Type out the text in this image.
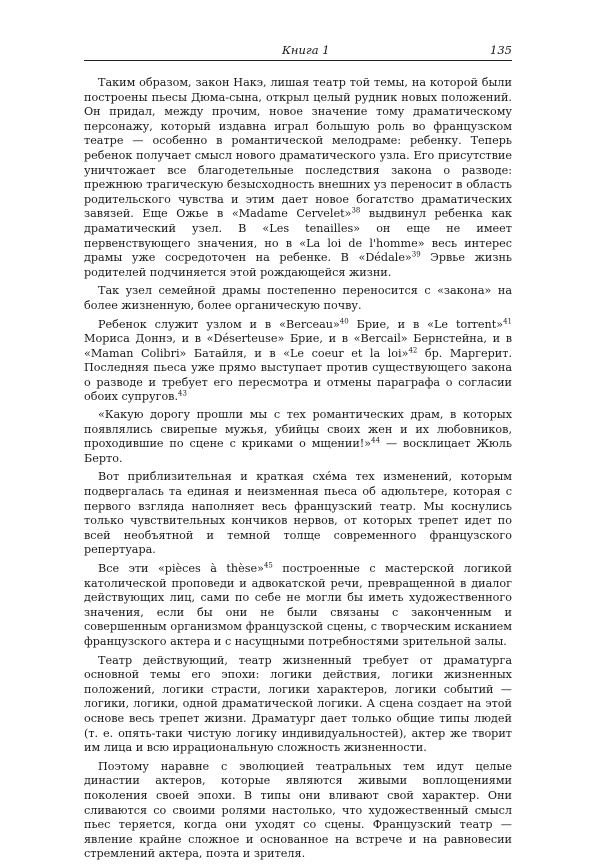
Книга 1	135

Таким образом, закон Накэ, лишая театр той темы, на которой были построены пьесы Дюма-сына, открыл целый рудник новых положений. Он придал, между прочим, новое значение тому драматическому персонажу, который издавна играл большую роль во французском театре — особенно в романтической мелодраме: ребенку. Теперь ребенок получает смысл нового драматического узла. Его присутствие уничтожает все благодетельные последствия закона о разводе: прежнюю трагическую безысходность внешних уз переносит в область родительского чувства и этим дает новое богатство драматических завязей. Еще Ожье в «Madame Cervelet»$^{38}$ выдвинул ребенка как драматический узел. В «Les tenailles» он еще не имеет первенствующего значения, но в «La loi de l'homme» весь интерес драмы уже сосредоточен на ребенке. В «Dédale»$^{39}$ Эрвье жизнь родителей подчиняется этой рождающейся жизни.

Так узел семейной драмы постепенно переносится с «закона» на более жизненную, более органическую почву.

Ребенок служит узлом и в «Berceau»$^{40}$ Брие, и в «Le torrent»$^{41}$ Мориса Доннэ, и в «Désertеuse» Брие, и в «Bercail» Бернстейна, и в «Maman Colibri» Батайля, и в «Le coeur et la loi»$^{42}$ бр. Маргерит. Последняя пьеса уже прямо выступает против существующего закона о разводе и требует его пересмотра и отмены параграфа о согласии обоих супругов.$^{43}$

«Какую дорогу прошли мы с тех романтических драм, в которых появлялись свирепые мужья, убийцы своих жен и их любовников, проходившие по сцене с криками о мщении!»$^{44}$ — восклицает Жюль Берто.

Вот приблизительная и краткая схе́ма тех изменений, которым подвергалась та единая и неизменная пьеса об адюльтере, которая с первого взгляда наполняет весь французский театр. Мы коснулись только чувствительных кончиков нервов, от которых трепет идет по всей необъятной и темной толще современного французского репертуара.

Все эти «pièces à thèse»$^{45}$ построенные с мастерской логикой католической проповеди и адвокатской речи, превращенной в диалог действующих лиц, сами по себе не могли бы иметь художественного значения, если бы они не были связаны с законченным и совершенным организмом французской сцены, с творческим исканием французского актера и с насущными потребностями зрительной залы.

Театр действующий, театр жизненный требует от драматурга основной темы его эпохи: логики действия, логики жизненных положений, логики страсти, логики характеров, логики событий — логики, логики, одной драматической логики. А сцена создает на этой основе весь трепет жизни. Драматург дает только общие типы людей (т. е. опять-таки чистую логику индивидуальностей), актер же творит им лица и всю иррациональную сложность жизненности.

Поэтому наравне с эволюцией театральных тем идут целые династии актеров, которые являются живыми воплощениями поколения своей эпохи. В типы они вливают свой характер. Они сливаются со своими ролями настолько, что художественный смысл пьес теряется, когда они уходят со сцены. Французский театр — явление крайне сложное и основанное на встрече и на равновесии стремлений актера, поэта и зрителя.
